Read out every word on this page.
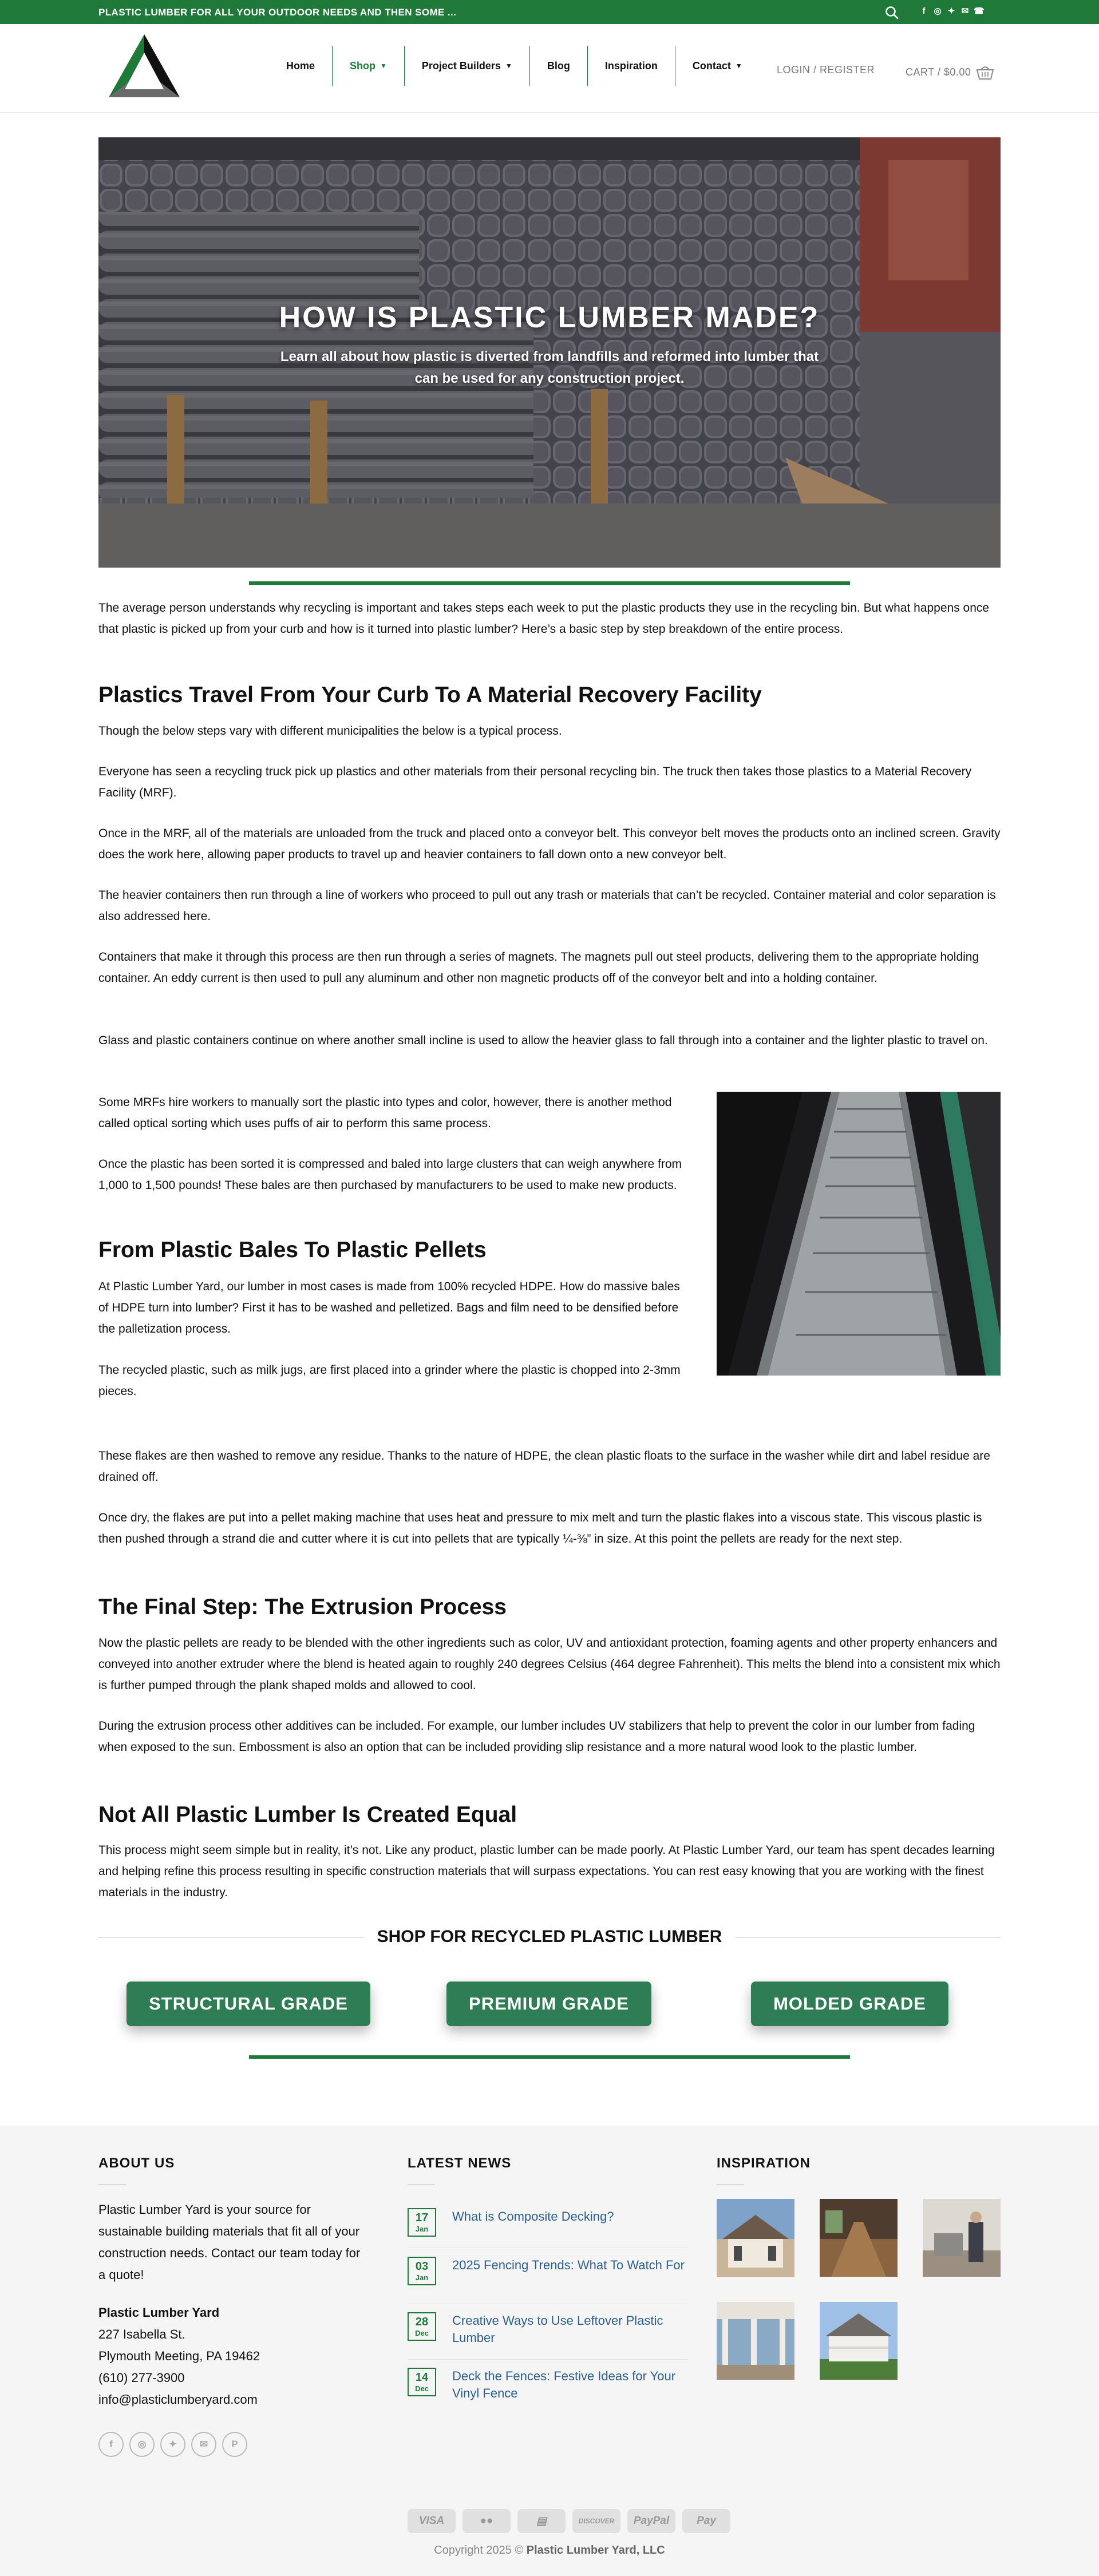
PLASTIC LUMBER FOR ALL YOUR OUTDOOR NEEDS AND THEN SOME ...	f ◎ ✦ ✉ ☎
Home	Shop ▼	Project Builders ▼	Blog	Inspiration	Contact ▼	LOGIN / REGISTER	CART / $0.00
HOW IS PLASTIC LUMBER MADE?
Learn all about how plastic is diverted from landfills and reformed into lumber that can be used for any construction project.
The average person understands why recycling is important and takes steps each week to put the plastic products they use in the recycling bin. But what happens once that plastic is picked up from your curb and how is it turned into plastic lumber? Here’s a basic step by step breakdown of the entire process.
Plastics Travel From Your Curb To A Material Recovery Facility
Though the below steps vary with different municipalities the below is a typical process.
Everyone has seen a recycling truck pick up plastics and other materials from their personal recycling bin. The truck then takes those plastics to a Material Recovery Facility (MRF).
Once in the MRF, all of the materials are unloaded from the truck and placed onto a conveyor belt. This conveyor belt moves the products onto an inclined screen. Gravity does the work here, allowing paper products to travel up and heavier containers to fall down onto a new conveyor belt.
The heavier containers then run through a line of workers who proceed to pull out any trash or materials that can’t be recycled. Container material and color separation is also addressed here.
Containers that make it through this process are then run through a series of magnets. The magnets pull out steel products, delivering them to the appropriate holding container. An eddy current is then used to pull any aluminum and other non magnetic products off of the conveyor belt and into a holding container.
Glass and plastic containers continue on where another small incline is used to allow the heavier glass to fall through into a container and the lighter plastic to travel on.
Some MRFs hire workers to manually sort the plastic into types and color, however, there is another method called optical sorting which uses puffs of air to perform this same process.
Once the plastic has been sorted it is compressed and baled into large clusters that can weigh anywhere from 1,000 to 1,500 pounds! These bales are then purchased by manufacturers to be used to make new products.
From Plastic Bales To Plastic Pellets
At Plastic Lumber Yard, our lumber in most cases is made from 100% recycled HDPE. How do massive bales of HDPE turn into lumber? First it has to be washed and pelletized. Bags and film need to be densified before the palletization process.
The recycled plastic, such as milk jugs, are first placed into a grinder where the plastic is chopped into 2-3mm pieces.
These flakes are then washed to remove any residue. Thanks to the nature of HDPE, the clean plastic floats to the surface in the washer while dirt and label residue are drained off.
Once dry, the flakes are put into a pellet making machine that uses heat and pressure to mix melt and turn the plastic flakes into a viscous state. This viscous plastic is then pushed through a strand die and cutter where it is cut into pellets that are typically ¼-⅜” in size. At this point the pellets are ready for the next step.
The Final Step: The Extrusion Process
Now the plastic pellets are ready to be blended with the other ingredients such as color, UV and antioxidant protection, foaming agents and other property enhancers and conveyed into another extruder where the blend is heated again to roughly 240 degrees Celsius (464 degree Fahrenheit). This melts the blend into a consistent mix which is further pumped through the plank shaped molds and allowed to cool.
During the extrusion process other additives can be included. For example, our lumber includes UV stabilizers that help to prevent the color in our lumber from fading when exposed to the sun. Embossment is also an option that can be included providing slip resistance and a more natural wood look to the plastic lumber.
Not All Plastic Lumber Is Created Equal
This process might seem simple but in reality, it’s not. Like any product, plastic lumber can be made poorly. At Plastic Lumber Yard, our team has spent decades learning and helping refine this process resulting in specific construction materials that will surpass expectations. You can rest easy knowing that you are working with the finest materials in the industry.
SHOP FOR RECYCLED PLASTIC LUMBER
STRUCTURAL GRADE	PREMIUM GRADE	MOLDED GRADE
ABOUT US
Plastic Lumber Yard is your source for sustainable building materials that fit all of your construction needs. Contact our team today for a quote!
Plastic Lumber Yard
227 Isabella St.
Plymouth Meeting, PA 19462
(610) 277-3900
info@plasticlumberyard.com
f	◎	✦	✉	P
LATEST NEWS
17
Jan
What is Composite Decking?
03
Jan
2025 Fencing Trends: What To Watch For
28
Dec
Creative Ways to Use Leftover Plastic Lumber
14
Dec
Deck the Fences: Festive Ideas for Your Vinyl Fence
INSPIRATION
VISA	●●	▤	DISCOVER	PayPal	Pay
Copyright 2025 © Plastic Lumber Yard, LLC
